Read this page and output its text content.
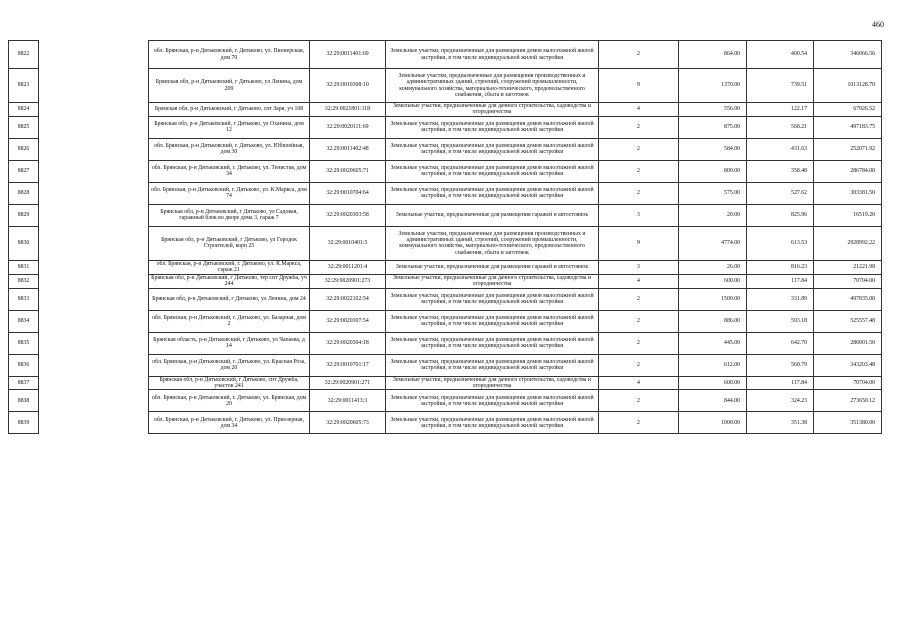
460
8822		обл. Брянская, р-н Дятьковский, г. Дятьково, ул. Пионерская, дом 70	32:29:0011401:69	Земельные участки, предназначенные для размещения домов малоэтажной жилой застройки, в том числе индивидуальной жилой застройки	2	864.00	400.54	346066.56
8823		Брянская обл, р-н Дятьковский, г Дятьково, ул Ленина, дом 209	32:29:0010308:10	Земельные участки, предназначенные для размещения производственных и административных зданий, строений, сооружений промышленности, коммунального хозяйства, материально-технического, продовольственного снабжения, сбыта и заготовок	9	1370.00	739.51	1013128.70
8824		Брянская обл, р-н Дятьковский, г Дятьково, снт Заря, уч 108	32:29:0021801:118	Земельные участки, предназначенные для дачного строительства, садоводства и огородничества	4	556.00	122.17	67926.52
8825		Брянская обл, р-н Дятьковский, г Дятьково, ул Оханина, дом 12	32:29:0020111:69	Земельные участки, предназначенные для размещения домов малоэтажной жилой застройки, в том числе индивидуальной жилой застройки	2	875.00	568.21	497183.75
8826		обл. Брянская, р-н Дятьковский, г. Дятьково, ул. Юбилейная, дом 30	32:29:0011402:48	Земельные участки, предназначенные для размещения домов малоэтажной жилой застройки, в том числе индивидуальной жилой застройки	2	584.00	431.63	252071.92
8827		обл. Брянская, р-н Дятьковский, г. Дятьково, ул. Тенистая, дом 34	32:29:0020605:71	Земельные участки, предназначенные для размещения домов малоэтажной жилой застройки, в том числе индивидуальной жилой застройки	2	800.00	358.48	286784.00
8828		обл. Брянская, р-н Дятьковский, г. Дятьково, ул. К.Маркса, дом 74	32:29:0010704:64	Земельные участки, предназначенные для размещения домов малоэтажной жилой застройки, в том числе индивидуальной жилой застройки	2	575.00	527.62	303381.50
8829		Брянская обл, р-н Дятьковский, г Дятьково, ул Садовая, гаражный блок во дворе дома 3, гараж 7	32:29:0020303:58	Земельные участки, предназначенные для размещения гаражей и автостоянок	3	20.00	825.96	16519.20
8830		Брянская обл, р-н Дятьковский, г Дятьково, ул Городок Строителей, корп 25	32:29:0010401:5	Земельные участки, предназначенные для размещения производственных и административных зданий, строений, сооружений промышленности, коммунального хозяйства, материально-технического, продовольственного снабжения, сбыта и заготовок	9	4774.00	613.53	2928992.22
8831		обл. Брянская, р-н Дятьковский, г. Дятьково, ул. К.Маркса, гараж 21	32:29:0011201:4	Земельные участки, предназначенные для размещения гаражей и автостоянок	3	26.00	816.23	21221.98
8832		Брянская обл, р-н Дятьковский, г Дятьково, тер снт Дружба, уч 244	32:29:0020901:273	Земельные участки, предназначенные для дачного строительства, садоводства и огородничества	4	600.00	117.84	70704.00
8833		Брянская обл, р-н Дятьковский, г Дятьково, ул Ленина, дом 24	32:29:0022102:54	Земельные участки, предназначенные для размещения домов малоэтажной жилой застройки, в том числе индивидуальной жилой застройки	2	1500.00	331.89	497835.00
8834		обл. Брянская, р-н Дятьковский, г. Дятьково, ул. Базарная, дом 2	32:29:0020307:54	Земельные участки, предназначенные для размещения домов малоэтажной жилой застройки, в том числе индивидуальной жилой застройки	2	886.00	593.18	525557.48
8835		Брянская область, р-н Дятьковский, г Дятьково, ул Чапаева, д 14	32:29:0020304:18	Земельные участки, предназначенные для размещения домов малоэтажной жилой застройки, в том числе индивидуальной жилой застройки	2	445.00	642.70	286001.50
8836		обл. Брянская, р-н Дятьковский, г. Дятьково, ул. Красная Роза, дом 20	32:29:0010701:17	Земельные участки, предназначенные для размещения домов малоэтажной жилой застройки, в том числе индивидуальной жилой застройки	2	612.00	560.79	343203.48
8837		Брянская обл, р-н Дятьковский, г Дятьково, снт Дружба, участок 241	32:29:0020901:271	Земельные участки, предназначенные для дачного строительства, садоводства и огородничества	4	600.00	117.84	70704.00
8838		обл. Брянская, р-н Дятьковский, г. Дятьково, ул. Брянская, дом 20	32:29:0011413:3	Земельные участки, предназначенные для размещения домов малоэтажной жилой застройки, в том числе индивидуальной жилой застройки	2	844.00	324.23	273650.12
8839		обл. Брянская, р-н Дятьковский, г. Дятьково, ул. Приозерная, дом 34	32:29:0020605:73	Земельные участки, предназначенные для размещения домов малоэтажной жилой застройки, в том числе индивидуальной жилой застройки	2	1000.00	351.38	351380.00
